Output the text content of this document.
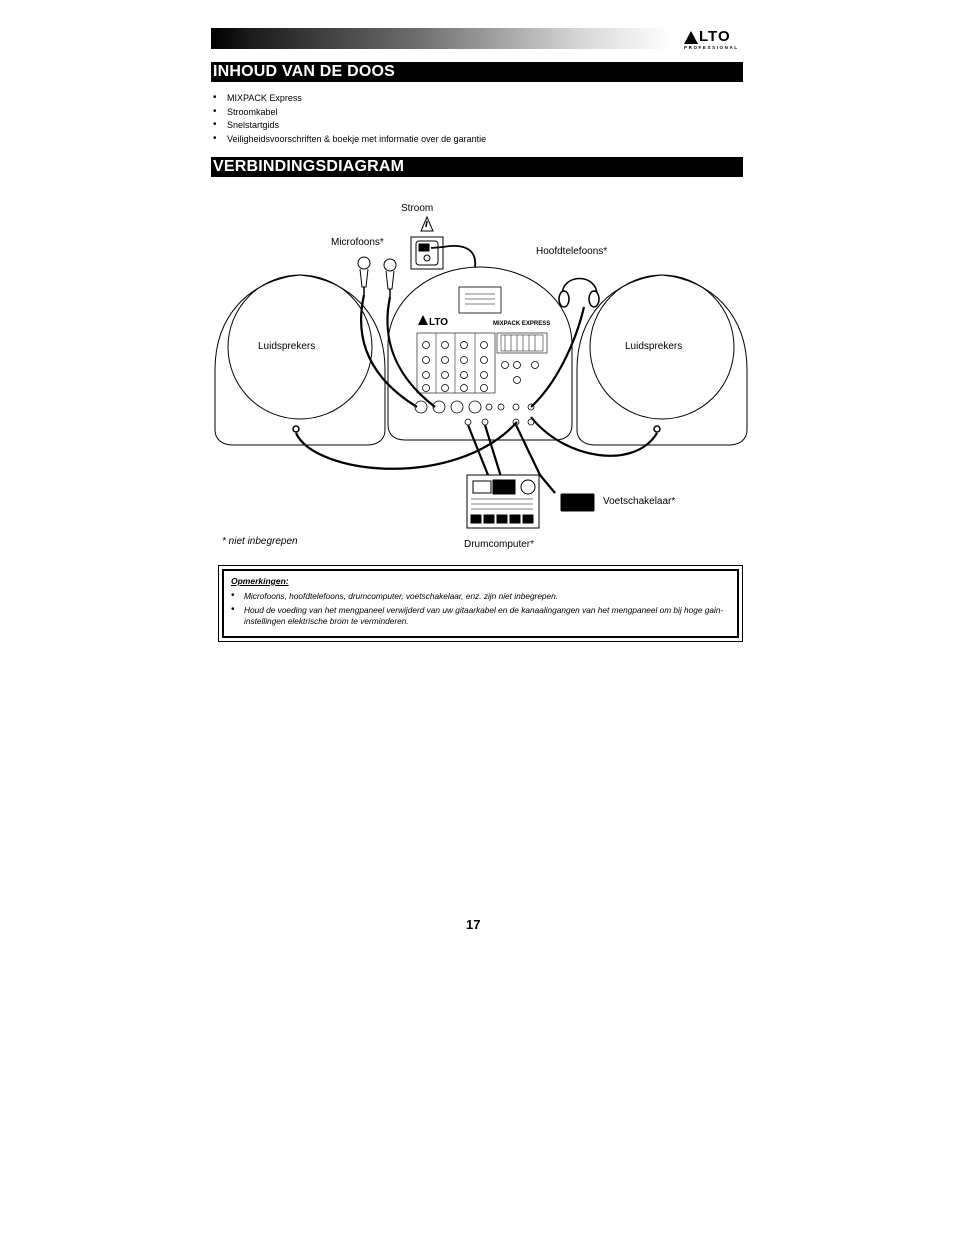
LTO
PROFESSIONAL
INHOUD VAN DE DOOS
• MIXPACK Express
• Stroomkabel
• Snelstartgids
• Veiligheidsvoorschriften & boekje met informatie over de garantie
VERBINDINGSDIAGRAM
LTO	MIXPACK EXPRESS
Stroom
Microfoons*
Hoofdtelefoons*
Luidsprekers	Luidsprekers
Voetschakelaar*
Drumcomputer*
* niet inbegrepen
Opmerkingen:
• Microfoons, hoofdtelefoons, drumcomputer, voetschakelaar, enz. zijn niet inbegrepen.
• Houd de voeding van het mengpaneel verwijderd van uw gitaarkabel en de kanaalingangen van het mengpaneel om bij hoge gain-instellingen elektrische brom te verminderen.
17
